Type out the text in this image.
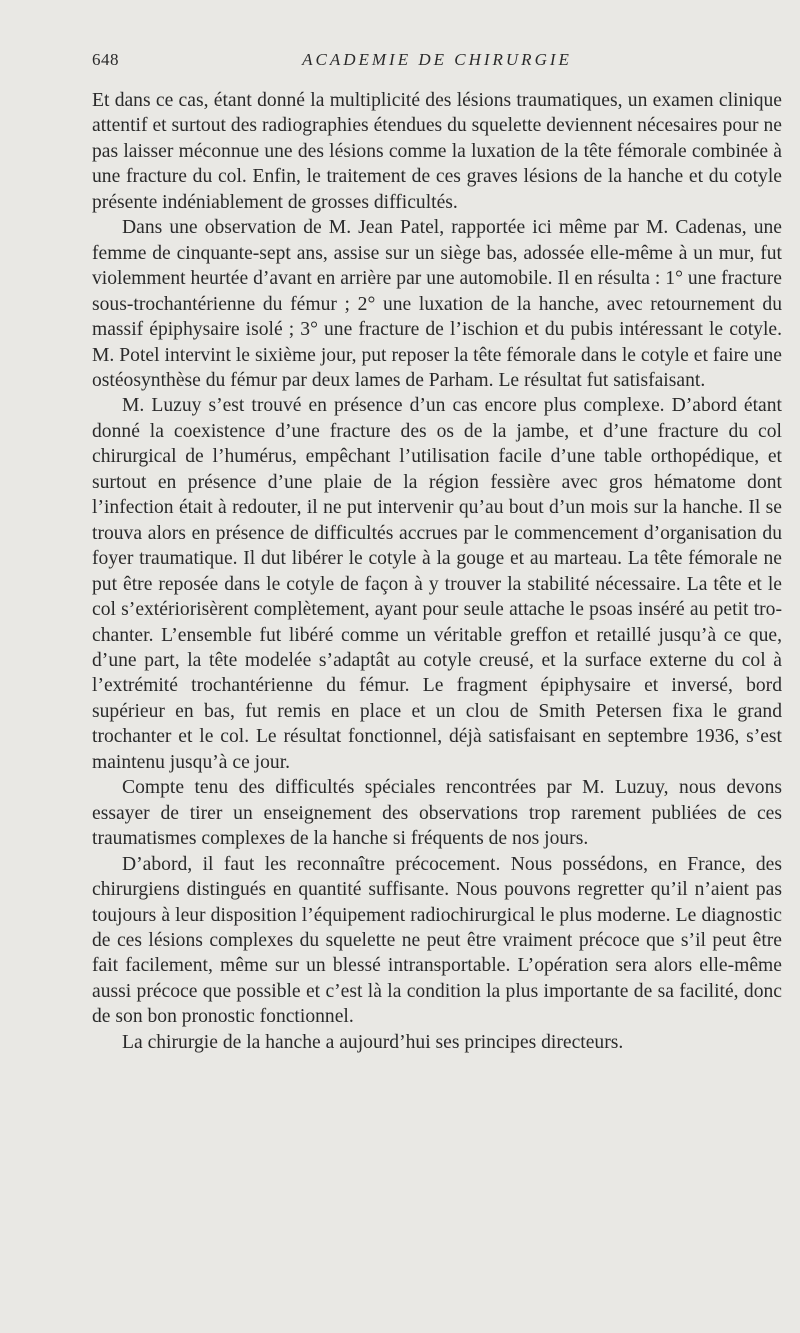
648	ACADEMIE DE CHIRURGIE

Et dans ce cas, étant donné la multiplicité des lésions traumatiques, un examen clinique attentif et surtout des radiographies étendues du squelette deviennent nécesaires pour ne pas laisser méconnue une des lésions comme la luxation de la tête fémorale combinée à une fracture du col. Enfin, le traitement de ces graves lésions de la hanche et du cotyle présente indéniablement de grosses difficultés.

Dans une observation de M. Jean Patel, rapportée ici même par M. Cadenas, une femme de cinquante-sept ans, assise sur un siège bas, adossée elle-même à un mur, fut violemment heurtée d’avant en arrière par une automobile. Il en résulta : 1° une fracture sous-trochantérienne du fémur ; 2° une luxation de la hanche, avec retournement du massif épiphysaire isolé ; 3° une fracture de l’ischion et du pubis intéressant le cotyle. M. Potel intervint le sixième jour, put reposer la tête fémorale dans le cotyle et faire une ostéosynthèse du fémur par deux lames de Parham. Le résultat fut satisfaisant.

M. Luzuy s’est trouvé en présence d’un cas encore plus complexe. D’abord étant donné la coexistence d’une fracture des os de la jambe, et d’une fracture du col chirurgical de l’humérus, empêchant l’utilisation facile d’une table orthopédique, et surtout en présence d’une plaie de la région fessière avec gros hématome dont l’infection était à redouter, il ne put intervenir qu’au bout d’un mois sur la hanche. Il se trouva alors en présence de difficultés accrues par le commencement d’organisation du foyer traumatique. Il dut libérer le cotyle à la gouge et au marteau. La tête fémorale ne put être reposée dans le cotyle de façon à y trouver la stabilité nécessaire. La tête et le col s’extériorisèrent complètement, ayant pour seule attache le psoas inséré au petit trochanter. L’ensemble fut libéré comme un véritable greffon et retaillé jusqu’à ce que, d’une part, la tête modelée s’adaptât au cotyle creusé, et la surface externe du col à l’extrémité trochantérienne du fémur. Le fragment épiphysaire et inversé, bord supérieur en bas, fut remis en place et un clou de Smith Petersen fixa le grand trochanter et le col. Le résultat fonctionnel, déjà satisfaisant en septembre 1936, s’est maintenu jusqu’à ce jour.

Compte tenu des difficultés spéciales rencontrées par M. Luzuy, nous devons essayer de tirer un enseignement des observations trop rarement publiées de ces traumatismes complexes de la hanche si fréquents de nos jours.

D’abord, il faut les reconnaître précocement. Nous possédons, en France, des chirurgiens distingués en quantité suffisante. Nous pouvons regretter qu’il n’aient pas toujours à leur disposition l’équipement radiochirurgical le plus moderne. Le diagnostic de ces lésions complexes du squelette ne peut être vraiment précoce que s’il peut être fait facilement, même sur un blessé intransportable. L’opération sera alors elle-même aussi précoce que possible et c’est là la condition la plus importante de sa facilité, donc de son bon pronostic fonctionnel.

La chirurgie de la hanche a aujourd’hui ses principes directeurs.
